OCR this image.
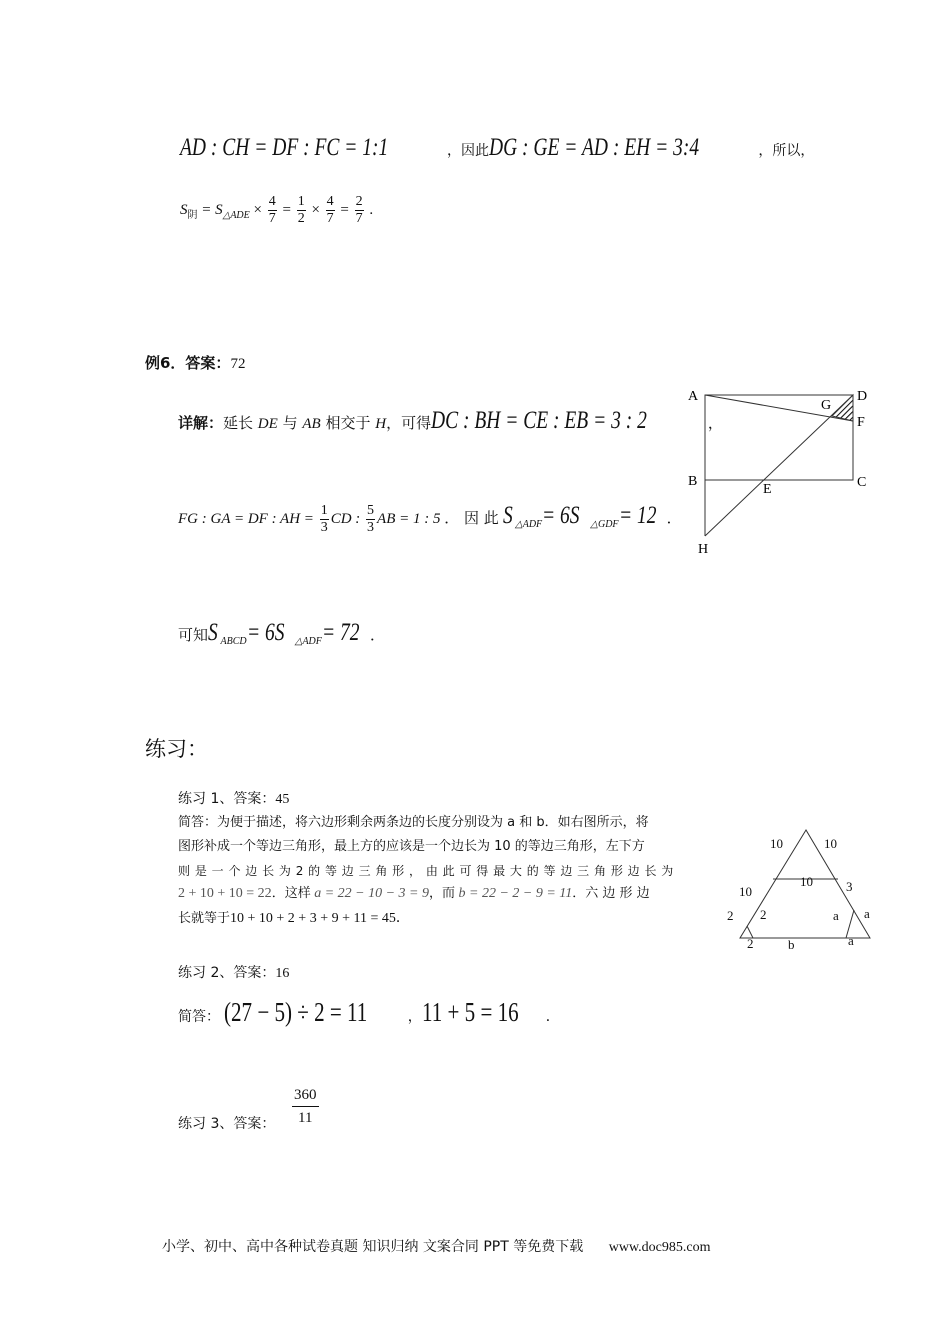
AD : CH = DF : FC = 1:1	，因此DG : GE = AD : EH = 3:4	，所以，
$S_阴 = S_{\triangle ADE} \times \frac{4}{7} = \frac{1}{2} \times \frac{4}{7} = \frac{2}{7}$ .
例6．答案：72
详解：延长 DE 与 AB 相交于 H，可得DC : BH = CE : EB = 3 : 2	，
FG : GA = DF : AH = $\frac{1}{3}$ CD : $\frac{5}{3}$ AB = 1 : 5 ． 因 此 S $_{\triangle ADF}$= 6S $_{\triangle GDF}$= 12 ．
可知S $_{ABCD}$= 6S $_{\triangle ADF}$= 72 ．
A	D
G
F
B	C
E
H
练习：
练习 1、答案：45
简答：为便于描述，将六边形剩余两条边的长度分别设为 a 和 b．如右图所示，将
图形补成一个等边三角形，最上方的应该是一个边长为 10 的等边三角形，左下方
则 是 一 个 边 长 为 2 的 等 边 三 角 形 ， 由 此 可 得 最 大 的 等 边 三 角 形 边 长 为
2 + 10 + 10 = 22．这样 a = 22 − 10 − 3 = 9，而 b = 22 − 2 − 9 = 11．六 边 形 边
长就等于10 + 10 + 2 + 3 + 9 + 11 = 45．
10	10
10
10	3
2 2	a a
2	b	a
练习 2、答案：16
简答： (27 − 5) ÷ 2 = 11	，11 + 5 = 16 ．
练习 3、答案：
360
11
小学、初中、高中各种试卷真题 知识归纳 文案合同 PPT 等免费下载 www.doc985.com
